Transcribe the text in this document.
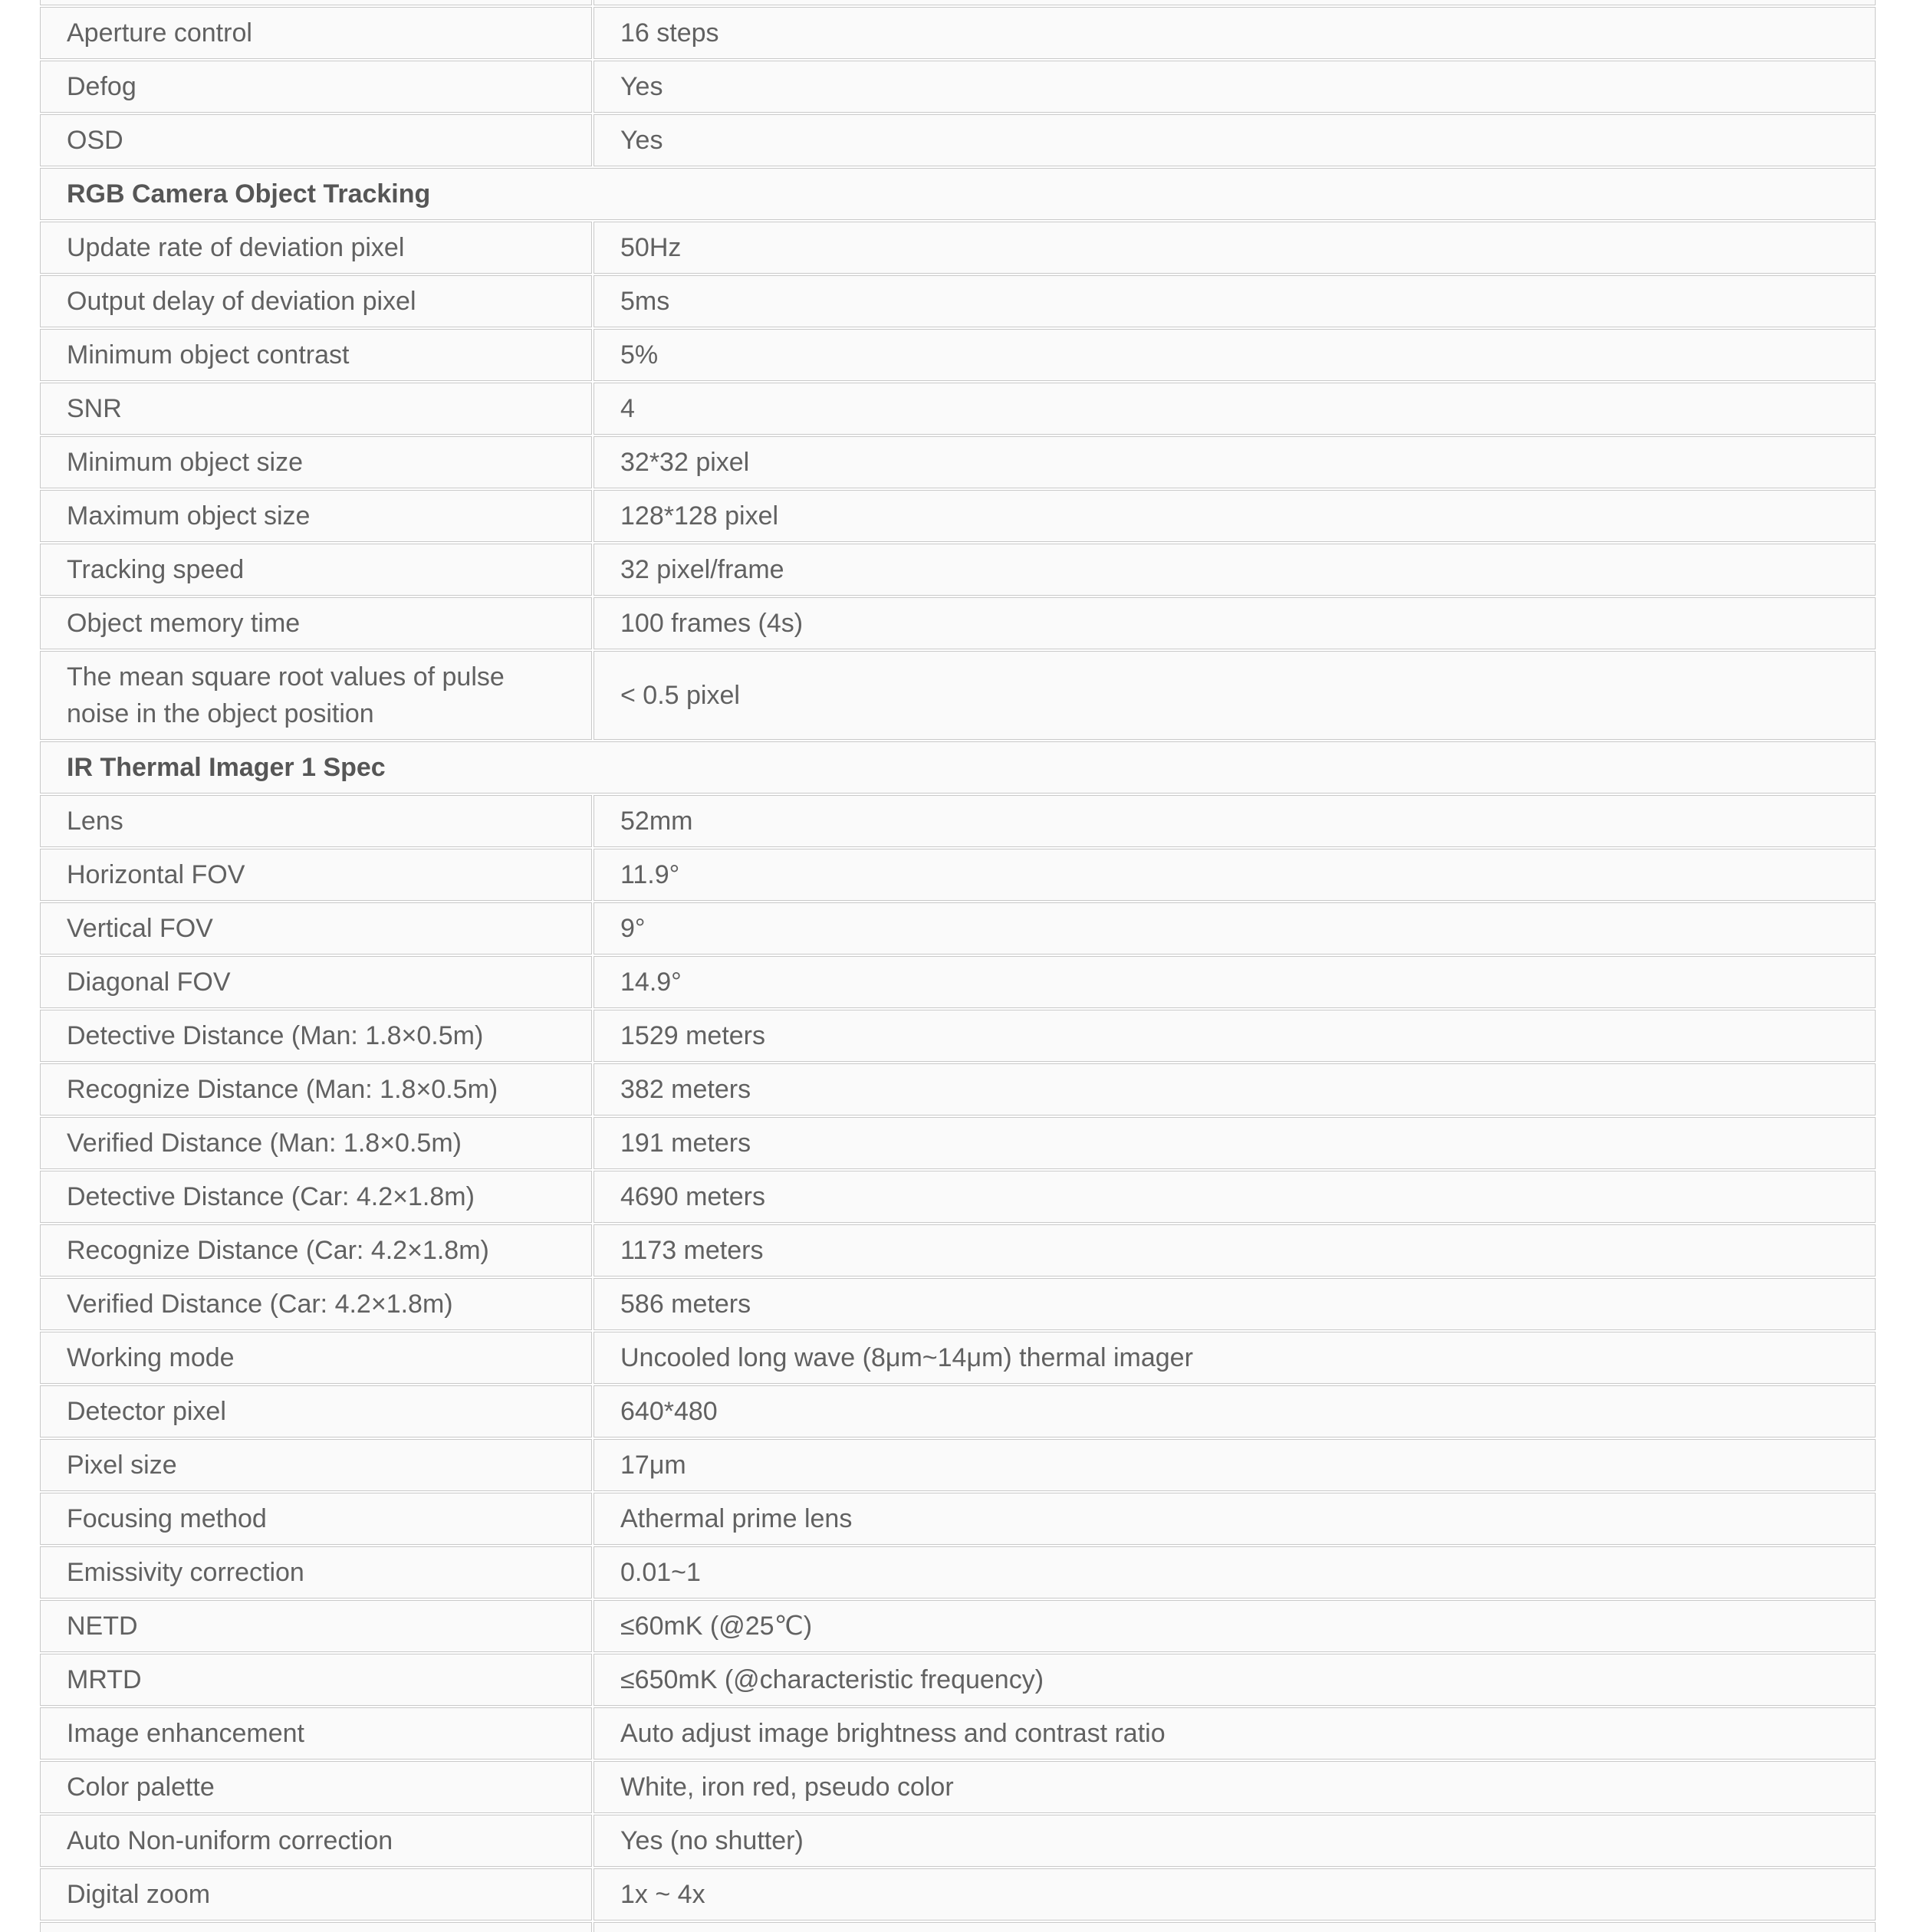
Aperture control	16 steps
Defog	Yes
OSD	Yes
RGB Camera Object Tracking	
Update rate of deviation pixel	50Hz
Output delay of deviation pixel	5ms
Minimum object contrast	5%
SNR	4
Minimum object size	32*32 pixel
Maximum object size	128*128 pixel
Tracking speed	32 pixel/frame
Object memory time	100 frames (4s)
The mean square root values of pulse noise in the object position	< 0.5 pixel
IR Thermal Imager 1 Spec	
Lens	52mm
Horizontal FOV	11.9°
Vertical FOV	9°
Diagonal FOV	14.9°
Detective Distance (Man: 1.8×0.5m)	1529 meters
Recognize Distance (Man: 1.8×0.5m)	382 meters
Verified Distance (Man: 1.8×0.5m)	191 meters
Detective Distance (Car: 4.2×1.8m)	4690 meters
Recognize Distance (Car: 4.2×1.8m)	1173 meters
Verified Distance (Car: 4.2×1.8m)	586 meters
Working mode	Uncooled long wave (8μm~14μm) thermal imager
Detector pixel	640*480
Pixel size	17μm
Focusing method	Athermal prime lens
Emissivity correction	0.01~1
NETD	≤60mK (@25℃)
MRTD	≤650mK (@characteristic frequency)
Image enhancement	Auto adjust image brightness and contrast ratio
Color palette	White, iron red, pseudo color
Auto Non-uniform correction	Yes (no shutter)
Digital zoom	1x ~ 4x
